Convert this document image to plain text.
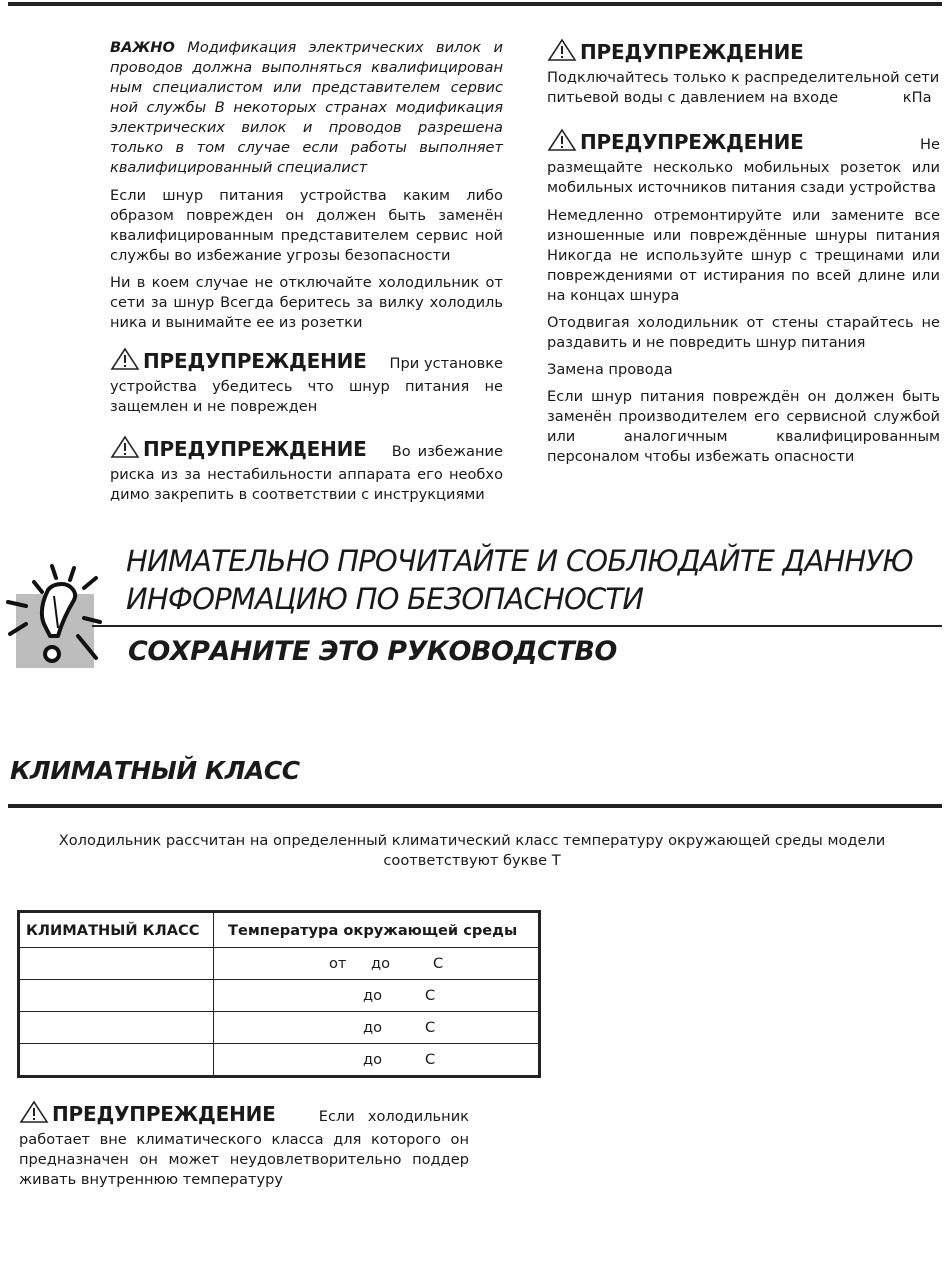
ВАЖНО Модификация электрических вилок и проводов должна выполняться квалифицирован ным специалистом или представителем сервис ной службы В некоторых странах модификация электрических вилок и проводов разрешена только в том случае если работы выполняет квалифицированный специалист

Если шнур питания устройства каким либо образом поврежден он должен быть заменён квалифицированным представителем сервис ной службы во избежание угрозы безопасности

Ни в коем случае не отключайте холодильник от сети за шнур Всегда беритесь за вилку холодиль ника и вынимайте ее из розетки

ПРЕДУПРЕЖДЕНИЕ При установке устройства убедитесь что шнур питания не защемлен и не поврежден
ПРЕДУПРЕЖДЕНИЕ Во избежание риска из за нестабильности аппарата его необхо димо закрепить в соответствии с инструкциями
ПРЕДУПРЕЖДЕНИЕ Подключайтесь только к распределительной сети питьевой воды с давлением на входе	кПа
ПРЕДУПРЕЖДЕНИЕ	Не размещайте несколько мобильных розеток или мобильных источников питания сзади устройства

Немедленно отремонтируйте или замените все изношенные или повреждённые шнуры питания Никогда не используйте шнур с трещинами или повреждениями от истирания по всей длине или на концах шнура

Отодвигая холодильник от стены старайтесь не раздавить и не повредить шнур питания

Замена провода

Если шнур питания повреждён он должен быть заменён производителем его сервисной службой или аналогичным квалифицированным персоналом чтобы избежать опасности

НИМАТЕЛЬНО ПРОЧИТАЙТЕ И СОБЛЮДАЙТЕ ДАННУЮ
ИНФОРМАЦИЮ ПО БЕЗОПАСНОСТИ
СОХРАНИТЕ ЭТО РУКОВОДСТВО
КЛИМАТНЫЙ КЛАСС
Холодильник рассчитан на определенный климатический класс температуру окружающей среды модели соответствуют букве Т
КЛИМАТНЫЙ КЛАСС	Температура окружающей среды
	от до С
	до С
	до С
	до С
ПРЕДУПРЕЖДЕНИЕ	Если холодильник работает вне климатического класса для которого он предназначен он может неудовлетворительно поддер живать внутреннюю температуру
